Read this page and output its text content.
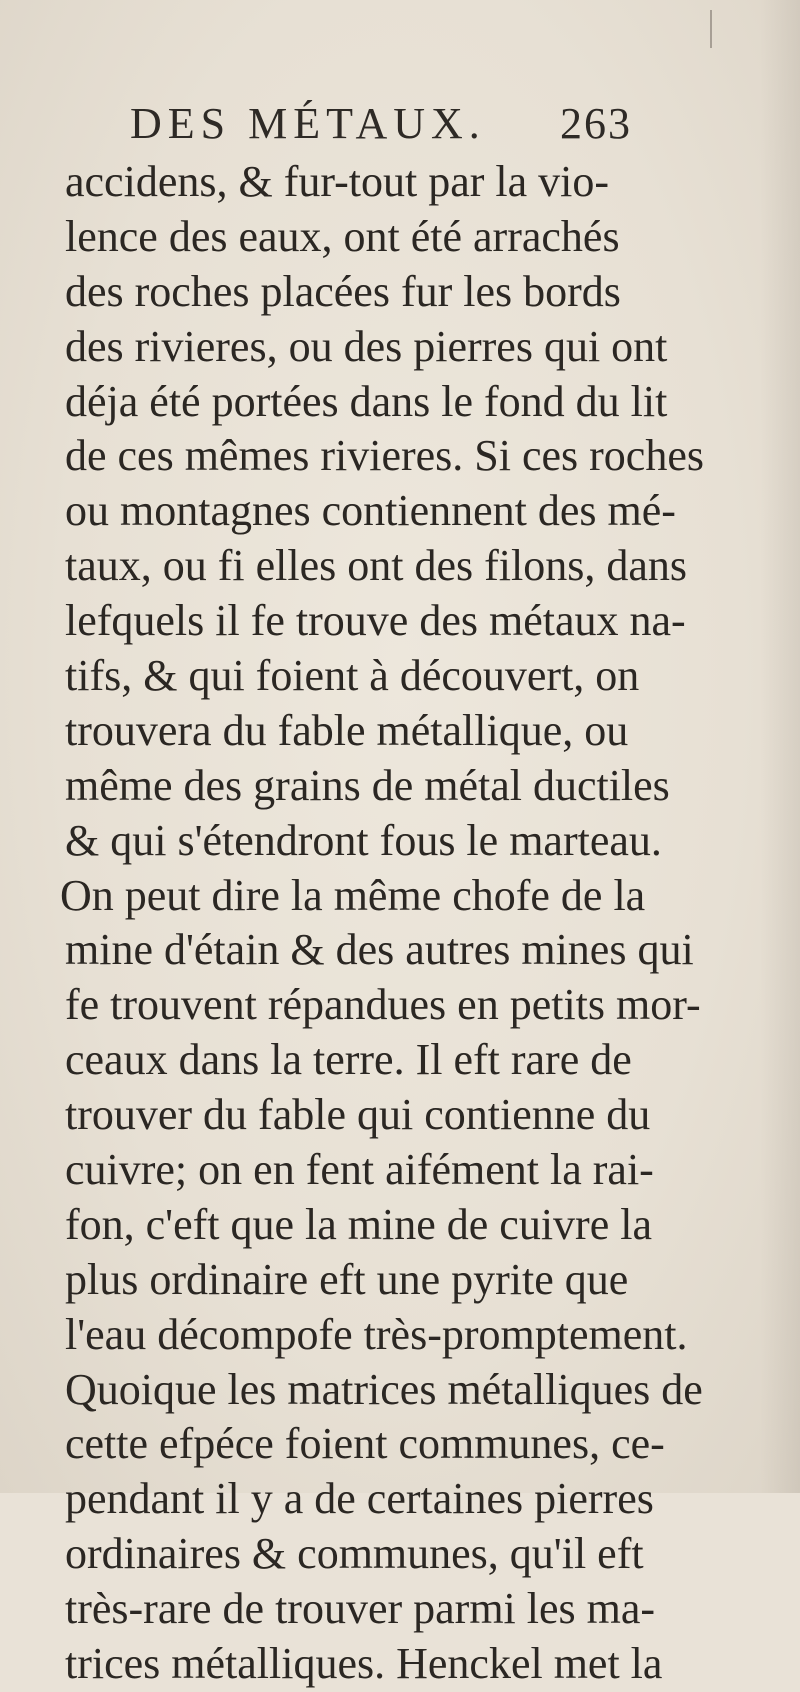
DES MÉTAUX. 263
accidens, & fur-tout par la vio-
lence des eaux, ont été arrachés
des roches placées fur les bords
des rivieres, ou des pierres qui ont
déja été portées dans le fond du lit
de ces mêmes rivieres. Si ces roches
ou montagnes contiennent des mé-
taux, ou fi elles ont des filons, dans
lefquels il fe trouve des métaux na-
tifs, & qui foient à découvert, on
trouvera du fable métallique, ou
même des grains de métal ductiles
& qui s'étendront fous le marteau.
On peut dire la même chofe de la
mine d'étain & des autres mines qui
fe trouvent répandues en petits mor-
ceaux dans la terre. Il eft rare de
trouver du fable qui contienne du
cuivre; on en fent aifément la rai-
fon, c'eft que la mine de cuivre la
plus ordinaire eft une pyrite que
l'eau décompofe très-promptement.
Quoique les matrices métalliques de
cette efpéce foient communes, ce-
pendant il y a de certaines pierres
ordinaires & communes, qu'il eft
très-rare de trouver parmi les ma-
trices métalliques. Henckel met la
